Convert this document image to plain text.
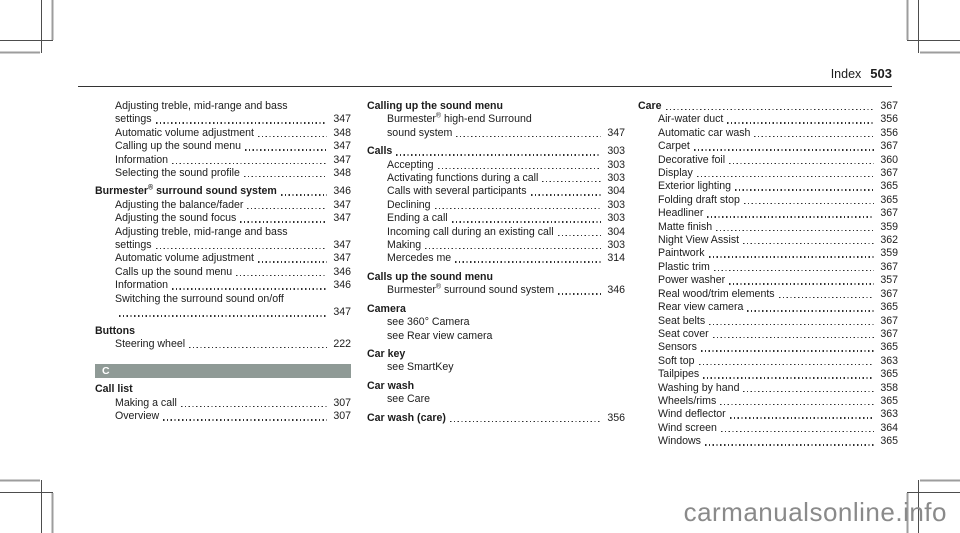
Index 503
Adjusting treble, mid-range and bass
settings	347
Automatic volume adjustment	348
Calling up the sound menu	347
Information	347
Selecting the sound profile	348
Burmester® surround sound system	346
Adjusting the balance/fader	347
Adjusting the sound focus	347
Adjusting treble, mid-range and bass
settings	347
Automatic volume adjustment	347
Calls up the sound menu	346
Information	346
Switching the surround sound on/off
347
Buttons
Steering wheel	222
C
Call list
Making a call	307
Overview	307
Calling up the sound menu
Burmester® high-end Surround
sound system	347
Calls	303
Accepting	303
Activating functions during a call	303
Calls with several participants	304
Declining	303
Ending a call	303
Incoming call during an existing call	304
Making	303
Mercedes me	314
Calls up the sound menu
Burmester® surround sound system	346
Camera
see 360° Camera
see Rear view camera
Car key
see SmartKey
Car wash
see Care
Car wash (care)	356
Care	367
Air-water duct	356
Automatic car wash	356
Carpet	367
Decorative foil	360
Display	367
Exterior lighting	365
Folding draft stop	365
Headliner	367
Matte finish	359
Night View Assist	362
Paintwork	359
Plastic trim	367
Power washer	357
Real wood/trim elements	367
Rear view camera	365
Seat belts	367
Seat cover	367
Sensors	365
Soft top	363
Tailpipes	365
Washing by hand	358
Wheels/rims	365
Wind deflector	363
Wind screen	364
Windows	365
carmanualsonline.info
